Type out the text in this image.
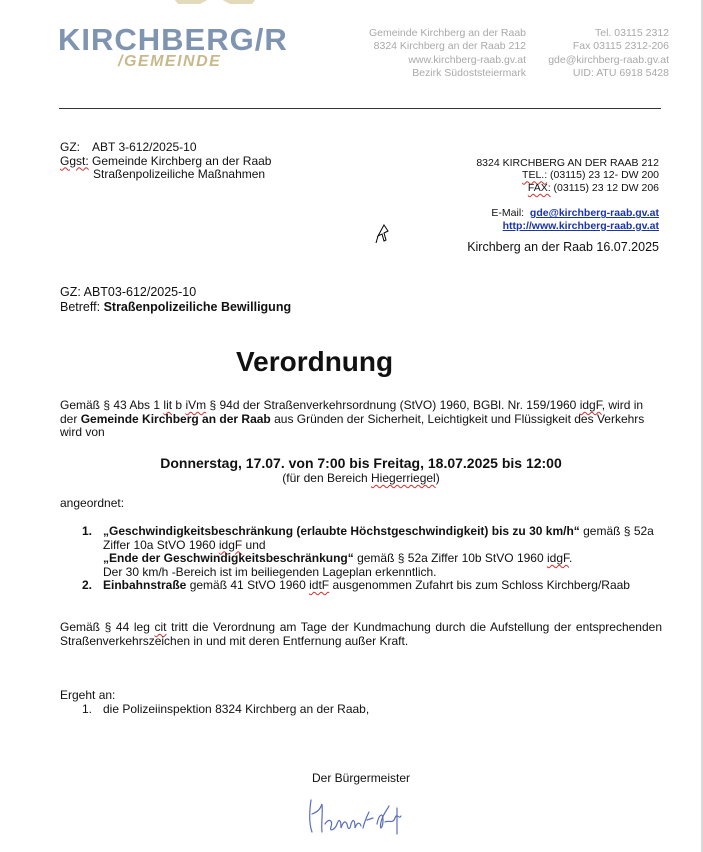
KIRCHBERG/R
/GEMEINDE
Gemeinde Kirchberg an der Raab
8324 Kirchberg an der Raab 212
www.kirchberg-raab.gv.at
Bezirk Südoststeiermark
Tel. 03115 2312
Fax 03115 2312-206
gde@kirchberg-raab.gv.at
UID: ATU 6918 5428
GZ: ABT 3-612/2025-10
Ggst: Gemeinde Kirchberg an der Raab
Straßenpolizeiliche Maßnahmen
8324 KIRCHBERG AN DER RAAB 212
TEL.: (03115) 23 12- DW 200
FAX: (03115) 23 12 DW 206
E-Mail: gde@kirchberg-raab.gv.at
http://www.kirchberg-raab.gv.at
Kirchberg an der Raab 16.07.2025
GZ: ABT03-612/2025-10
Betreff: Straßenpolizeiliche Bewilligung
Verordnung
Gemäß § 43 Abs 1 lit b iVm § 94d der Straßenverkehrsordnung (StVO) 1960, BGBl. Nr. 159/1960 idgF, wird in der Gemeinde Kirchberg an der Raab aus Gründen der Sicherheit, Leichtigkeit und Flüssigkeit des Verkehrs wird von
Donnerstag, 17.07. von 7:00 bis Freitag, 18.07.2025 bis 12:00
(für den Bereich Hiegerriegel)
angeordnet:
1. „Geschwindigkeitsbeschränkung (erlaubte Höchstgeschwindigkeit) bis zu 30 km/h“ gemäß § 52a Ziffer 10a StVO 1960 idgF und
„Ende der Geschwindigkeitsbeschränkung“ gemäß § 52a Ziffer 10b StVO 1960 idgF.
Der 30 km/h -Bereich ist im beiliegenden Lageplan erkenntlich.
2. Einbahnstraße gemäß 41 StVO 1960 idtF ausgenommen Zufahrt bis zum Schloss Kirchberg/Raab
Gemäß § 44 leg cit tritt die Verordnung am Tage der Kundmachung durch die Aufstellung der entsprechenden Straßenverkehrszeichen in und mit deren Entfernung außer Kraft.
Ergeht an:
1. die Polizeiinspektion 8324 Kirchberg an der Raab,
Der Bürgermeister
